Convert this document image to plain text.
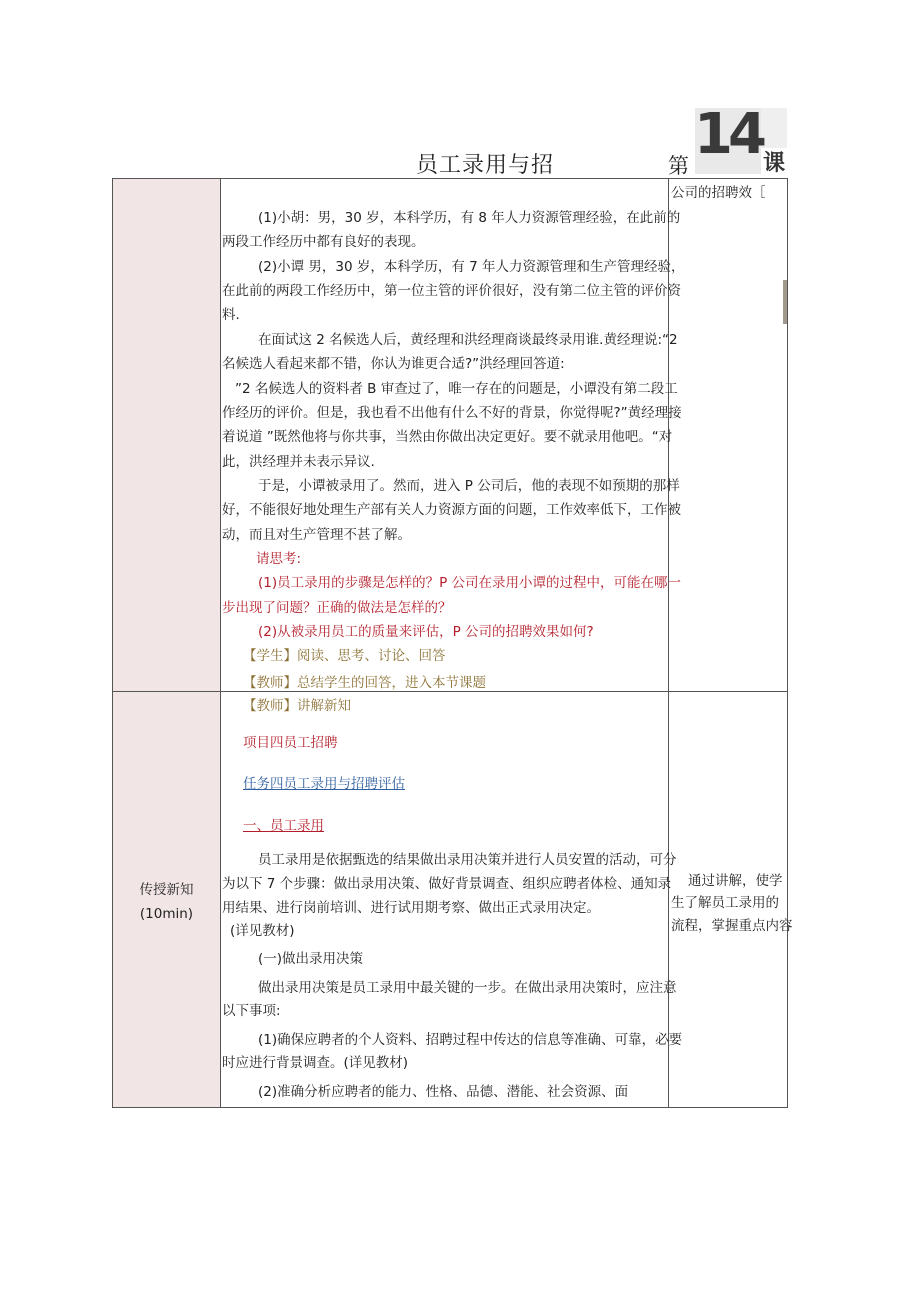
员工录用与招	第 14 课
公司的招聘效［
(1)小胡：男，30 岁，本科学历，有 8 年人力资源管理经验，在此前的
两段工作经历中都有良好的表现。
(2)小谭 男，30 岁，本科学历，有 7 年人力资源管理和生产管理经验，
在此前的两段工作经历中，第一位主管的评价很好，没有第二位主管的评价资
料.
在面试这 2 名候选人后，黄经理和洪经理商谈最终录用谁.黄经理说:“2
名候选人看起来都不错，你认为谁更合适?”洪经理回答道:
”2 名候选人的资料者 B 审查过了，唯一存在的问题是，小谭没有第二段工
作经历的评价。但是，我也看不出他有什么不好的背景，你觉得呢?”黄经理接
着说道 ”既然他将与你共事，当然由你做出决定更好。要不就录用他吧。“对
此，洪经理并未表示异议.
于是，小谭被录用了。然而，进入 P 公司后，他的表现不如预期的那样
好，不能很好地处理生产部有关人力资源方面的问题，工作效率低下，工作被
动，而且对生产管理不甚了解。
请思考:
(1)员工录用的步骤是怎样的？P 公司在录用小谭的过程中，可能在哪一
步出现了问题？正确的做法是怎样的？
(2)从被录用员工的质量来评估，P 公司的招聘效果如何?
【学生】阅读、思考、讨论、回答
【教师】总结学生的回答，进入本节课题
传授新知
(10min)
【教师】讲解新知
项目四员工招聘
任务四员工录用与招聘评估
一、员工录用
员工录用是依据甄选的结果做出录用决策并进行人员安置的活动，可分
为以下 7 个步骤：做出录用决策、做好背景调查、组织应聘者体检、通知录
用结果、进行岗前培训、进行试用期考察、做出正式录用决定。
(详见教材)
(一)做出录用决策
做出录用决策是员工录用中最关键的一步。在做出录用决策时，应注意
以下事项:
(1)确保应聘者的个人资料、招聘过程中传达的信息等准确、可靠，必要
时应进行背景调查。(详见教材)
(2)准确分析应聘者的能力、性格、品德、潜能、社会资源、面
通过讲解，使学
生了解员工录用的
流程，掌握重点内容
